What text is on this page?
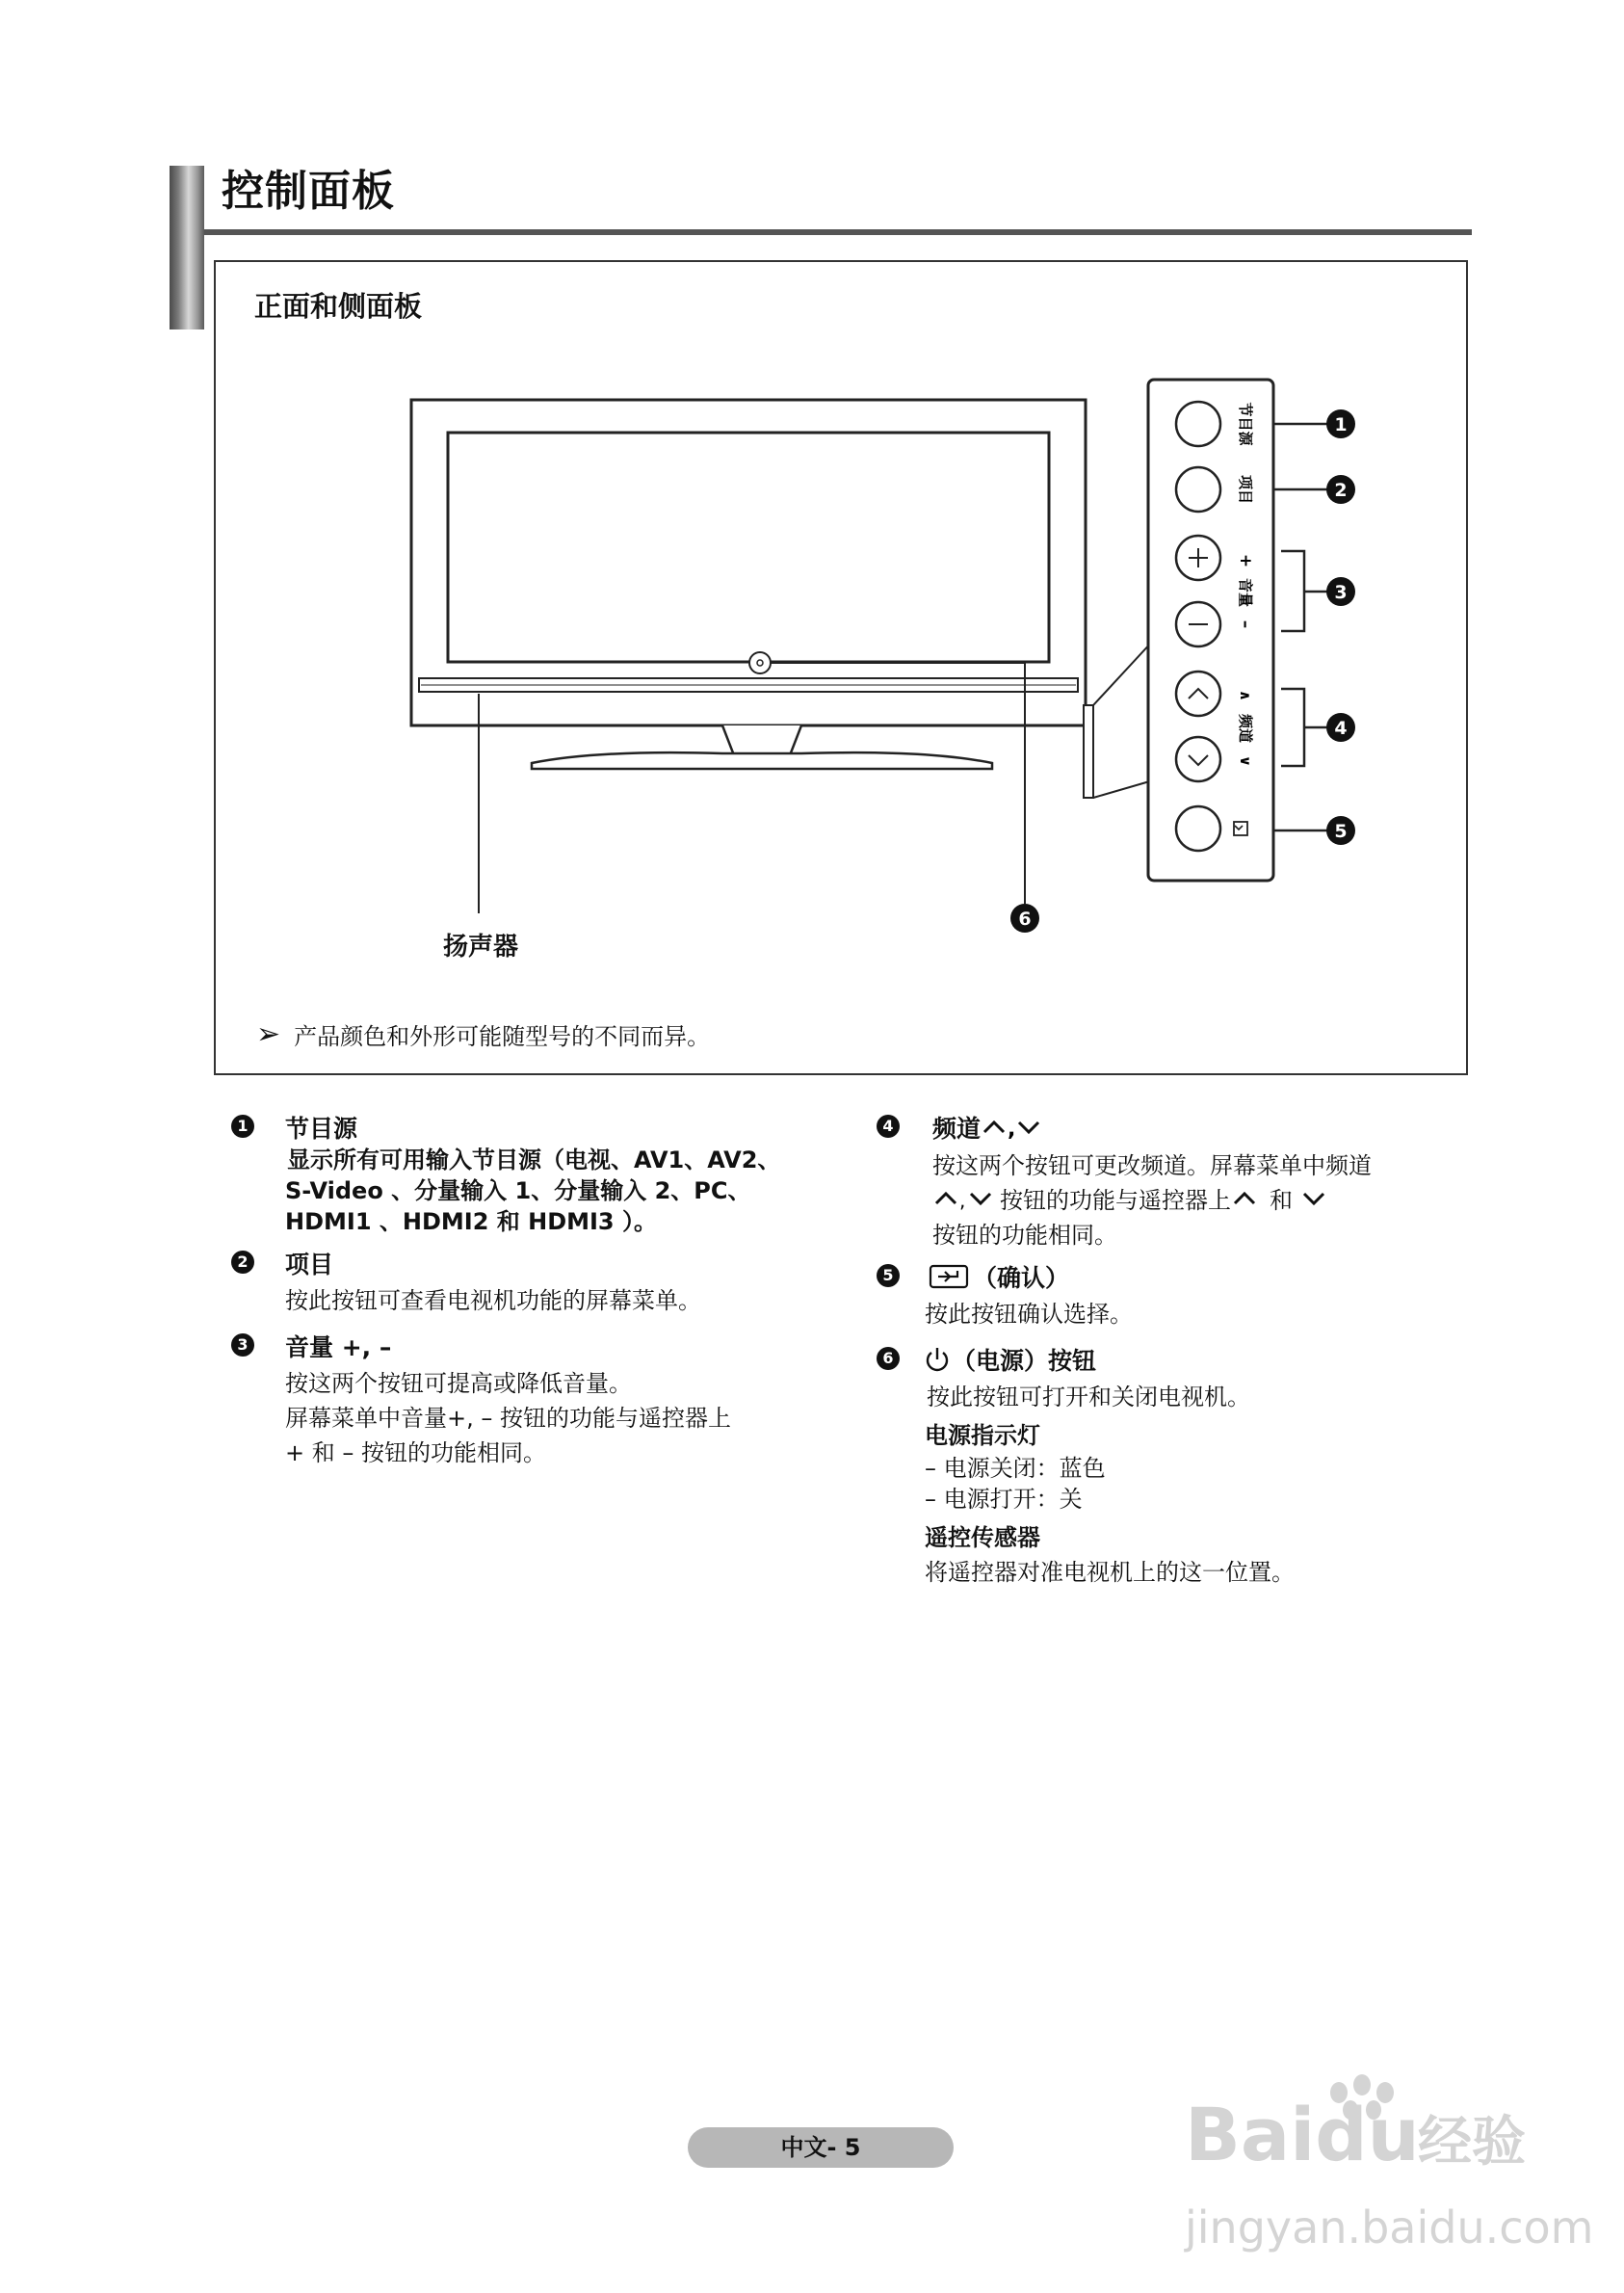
控制面板
正面和侧面板
节目源
项目
+
音量
–
∧
频道
∨
1
2
3
4
5
6
扬声器
➢ 产品颜色和外形可能随型号的不同而异。
1 节目源
显示所有可用输入节目源（电视、AV1、AV2、
S-Video 、分量输入 1、分量输入 2、PC、
HDMI1 、HDMI2 和 HDMI3 ）。
2 项目
按此按钮可查看电视机功能的屏幕菜单。
3 音量 +, –
按这两个按钮可提高或降低音量。
屏幕菜单中音量+, – 按钮的功能与遥控器上
+ 和 – 按钮的功能相同。
4 频道 ,
按这两个按钮可更改频道。屏幕菜单中频道
, 按钮的功能与遥控器上 和
按钮的功能相同。
5	（确认）
按此按钮确认选择。
6 （电源）按钮
按此按钮可打开和关闭电视机。
电源指示灯
– 电源关闭：蓝色
– 电源打开：关
遥控传感器
将遥控器对准电视机上的这一位置。
中文- 5	Baidu
经验
jingyan.baidu.com
